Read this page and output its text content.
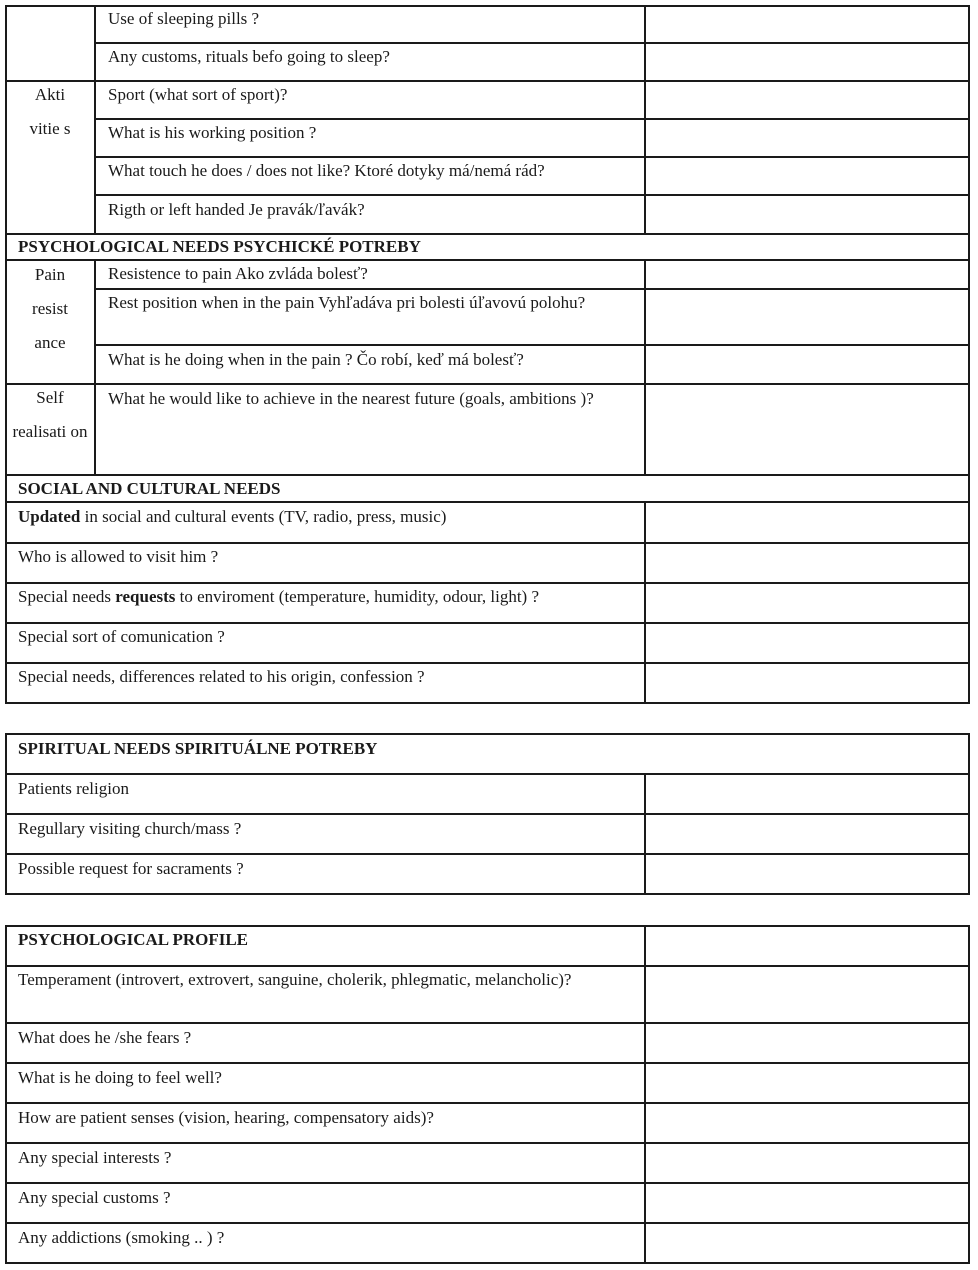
Use of sleeping pills ?
Any customs, rituals befo going to sleep?
Akti vitie s
Sport (what sort of sport)?
What is his working position ?
What touch he does / does not like? Ktoré dotyky má/nemá rád?
Rigth or left handed Je pravák/ľavák?
PSYCHOLOGICAL NEEDS PSYCHICKÉ POTREBY
Pain resist ance
Resistence to pain Ako zvláda bolesť?
Rest position when in the pain Vyhľadáva pri bolesti úľavovú polohu?
What is he doing when in the pain ? Čo robí, keď má bolesť?
Self realisati on
What he would like to achieve in the nearest future (goals, ambitions )?
SOCIAL AND CULTURAL NEEDS
Updated in social and cultural events (TV, radio, press, music)
Who is allowed to visit him ?
Special needs requests to enviroment (temperature, humidity, odour, light) ?
Special sort of comunication ?
Special needs, differences related to his origin, confession ?
SPIRITUAL NEEDS SPIRITUÁLNE POTREBY
Patients religion
Regullary visiting church/mass ?
Possible request for sacraments ?
PSYCHOLOGICAL PROFILE
Temperament (introvert, extrovert, sanguine, cholerik, phlegmatic, melancholic)?
What does he /she fears ?
What is he doing to feel well?
How are patient senses (vision, hearing, compensatory aids)?
Any special interests ?
Any special customs ?
Any addictions (smoking .. ) ?
